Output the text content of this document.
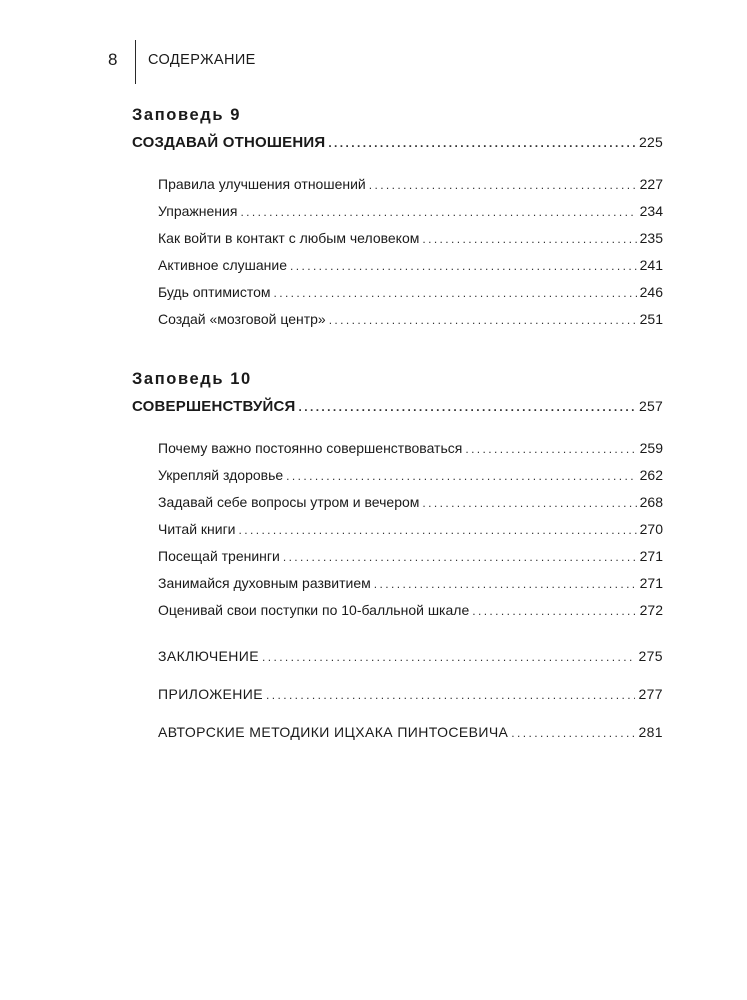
8 СОДЕРЖАНИЕ
Заповедь 9
СОЗДАВАЙ ОТНОШЕНИЯ .....	225
Правила улучшения отношений .....	227
Упражнения .....	234
Как войти в контакт с любым человеком .....	235
Активное слушание .....	241
Будь оптимистом .....	246
Создай «мозговой центр» .....	251
Заповедь 10
СОВЕРШЕНСТВУЙСЯ .....	257
Почему важно постоянно совершенствоваться .....	259
Укрепляй здоровье .....	262
Задавай себе вопросы утром и вечером .....	268
Читай книги .....	270
Посещай тренинги .....	271
Занимайся духовным развитием .....	271
Оценивай свои поступки по 10-балльной шкале .....	272
ЗАКЛЮЧЕНИЕ .....	275
ПРИЛОЖЕНИЕ .....	277
АВТОРСКИЕ МЕТОДИКИ ИЦХАКА ПИНТОСЕВИЧА .....	281
